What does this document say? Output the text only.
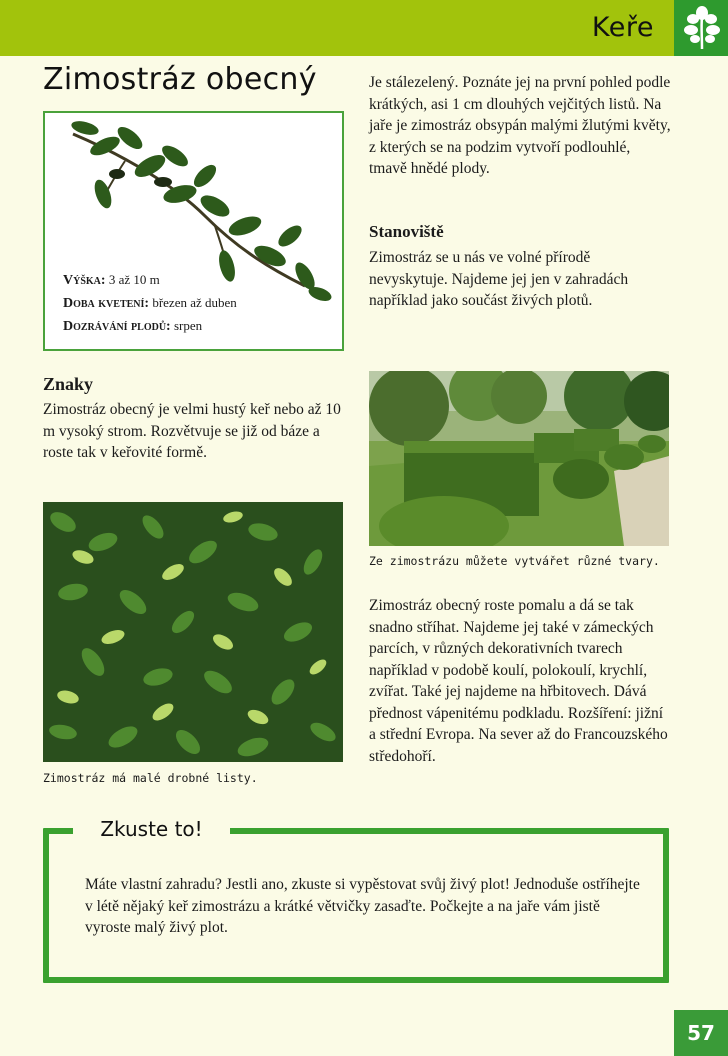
Keře
Zimostráz obecný
Výška: 3 až 10 m
Doba kvetení: březen až duben
Dozrávání plodů: srpen

Je stálezelený. Poznáte jej na první pohled podle krátkých, asi 1 cm dlouhých vejčitých listů. Na jaře je zimostráz obsypán malými žlutými květy, z kterých se na podzim vytvoří podlouhlé, tmavě hnědé plody.

Stanoviště

Zimostráz se u nás ve volné přírodě nevyskytuje. Najdeme jej jen v zahradách například jako součást živých plotů.

Znaky

Zimostráz obecný je velmi hustý keř nebo až 10 m vysoký strom. Rozvětvuje se již od báze a roste tak v keřovité formě.

Ze zimostrázu můžete vytvářet různé tvary.
Zimostráz má malé drobné listy.

Zimostráz obecný roste pomalu a dá se tak snadno stříhat. Najdeme jej také v zámeckých parcích, v různých dekorativních tvarech například v podobě koulí, polokoulí, krychlí, zvířat. Také jej najdeme na hřbitovech. Dává přednost vápenitému podkladu. Rozšíření: jižní a střední Evropa. Na sever až do Francouzského středohoří.

Zkuste to!

Máte vlastní zahradu? Jestli ano, zkuste si vypěstovat svůj živý plot! Jednoduše ostříhejte v létě nějaký keř zimostrázu a krátké větvičky zasaďte. Počkejte a na jaře vám jistě vyroste malý živý plot.

57
